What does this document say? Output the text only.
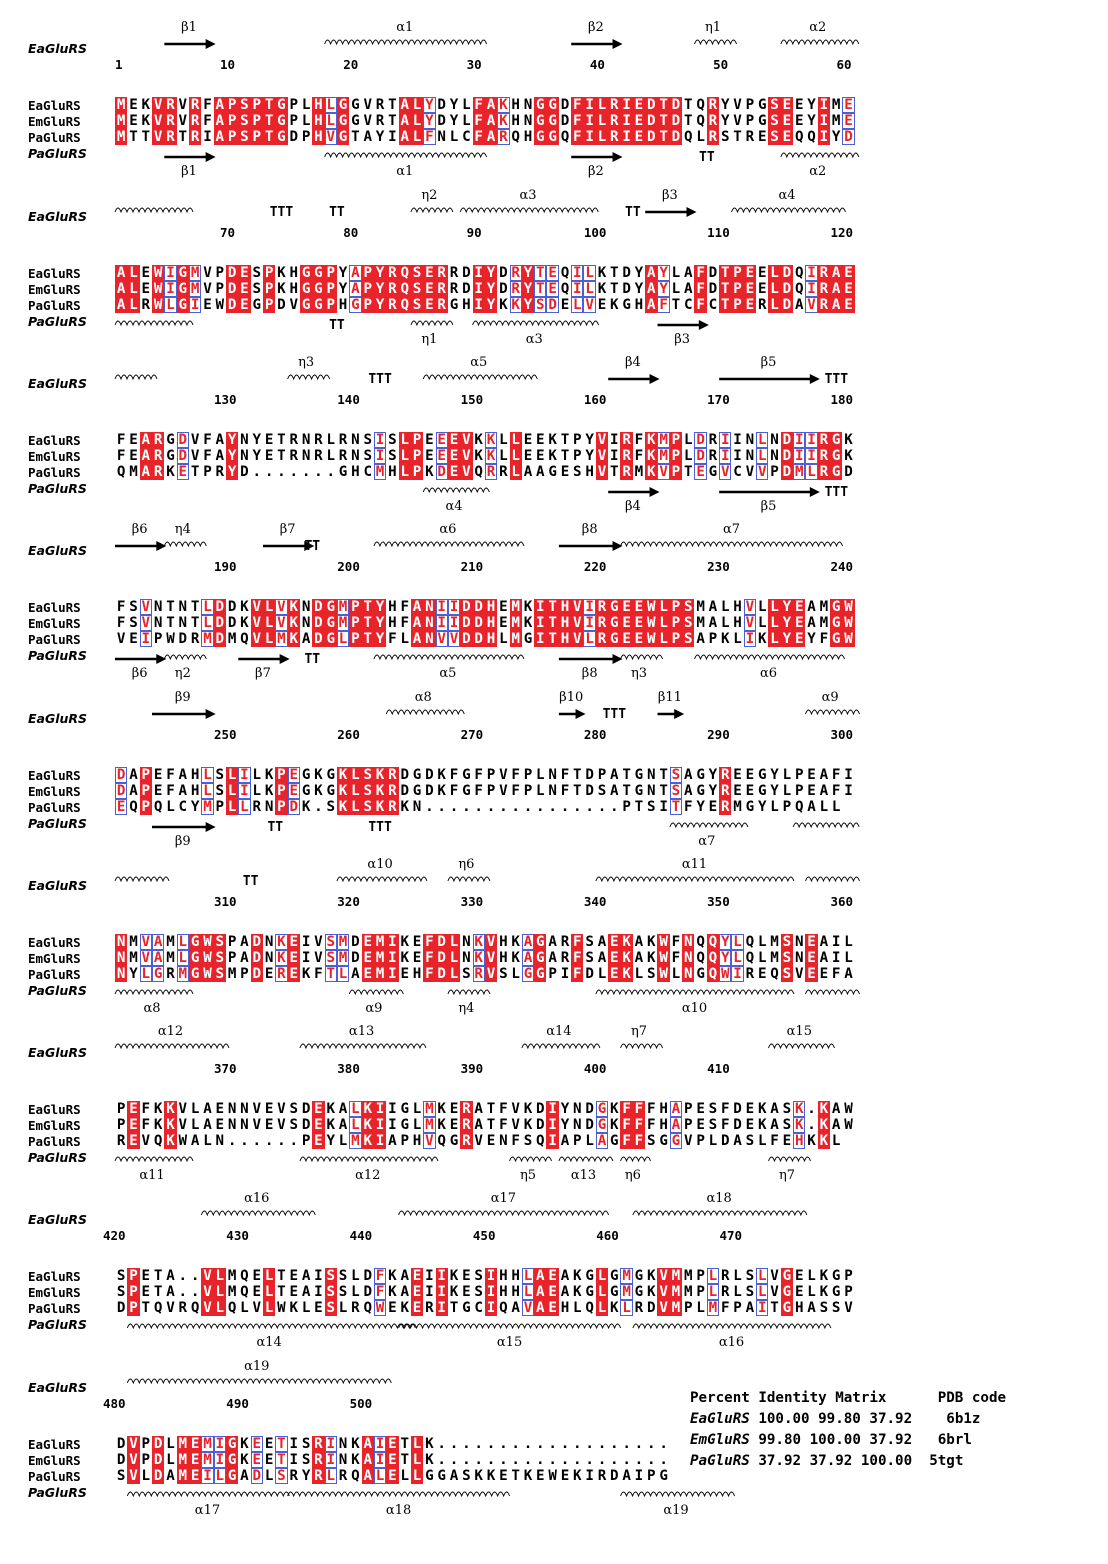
EaGluRS
PaGluRS
1	10	20	30	40	50	60
EaGluRS	M E K V R V R F A P S P T G P L H L G G V R T A L Y D Y L F A K H N G G D F I L R I E D T D T Q R Y V P G S E E Y I M E
EmGluRS	M E K V R V R F A P S P T G P L H L G G V R T A L Y D Y L F A K H N G G D F I L R I E D T D T Q R Y V P G S E E Y I M E
PaGluRS	M T T V R T R I A P S P T G D P H V G T A Y I A L F N L C F A R Q H G G Q F I L R I E D T D Q L R S T R E S E Q Q I Y D
β1	α1	β2	η1	α2
β1	α1	β2
TT
α2
EaGluRS
PaGluRS
70	80	90	100	110	120
EaGluRS	A L E W I G M V P D E S P K H G G P Y A P Y R Q S E R R D I Y D R Y T E Q I L K T D Y A Y L A F D T P E E L D Q I R A E
EmGluRS	A L E W I G M V P D E S P K H G G P Y A P Y R Q S E R R D I Y D R Y T E Q I L K T D Y A Y L A F D T P E E L D Q I R A E
PaGluRS	A L R W L G I E W D E G P D V G G P H G P Y R Q S E R G H I Y K K Y S D E L V E K G H A F T C F C T P E R L D A V R A E
TTT	TT
η2	α3
TT
β3	α4
TT
η1	α3	β3
EaGluRS
PaGluRS
130	140	150	160	170	180
EaGluRS	F E A R G D V F A Y N Y E T R N R L R N S I S L P E E E V K K L L E E K T P Y V I R F K M P L D R I I N L N D I I R G K
EmGluRS	F E A R G D V F A Y N Y E T R N R L R N S I S L P E E E V K K L L E E K T P Y V I R F K M P L D R I I N L N D I I R G K
PaGluRS	Q M A R K E T P R Y D . . . . . . . G H C M H L P K D E V Q R R L A A G E S H V T R M K V P T E G V C V V P D M L R G D
η3
TTT
α5	β4	β5
TTT
α4	β4	β5
TTT
EaGluRS
PaGluRS
190	200	210	220	230	240
EaGluRS	F S V N T N T L D D K V L V K N D G M P T Y H F A N I I D D H E M K I T H V I R G E E W L P S M A L H V L L Y E A M G W
EmGluRS	F S V N T N T L D D K V L V K N D G M P T Y H F A N I I D D H E M K I T H V I R G E E W L P S M A L H V L L Y E A M G W
PaGluRS	V E I P W D R M D M Q V L M K A D G L P T Y F L A N V V D D H L M G I T H V L R G E E W L P S A P K L I K L Y E Y F G W
β6 η4	β7
TT
α6	β8	α7
β6 η2	β7
TT
α5	β8	η3	α6
EaGluRS
PaGluRS
250	260	270	280	290	300
EaGluRS	D A P E F A H L S L I L K P E G K G K L S K R D G D K F G F P V F P L N F T D P A T G N T S A G Y R E E G Y L P E A F I
EmGluRS	D A P E F A H L S L I L K P E G K G K L S K R D G D K F G F P V F P L N F T D S A T G N T S A G Y R E E G Y L P E A F I
PaGluRS	E Q P Q L C Y M P L L R N P D K . S K L S K R K N . . . . . . . . . . . . . . . . P T S I T F Y E R M G Y L P Q A L L
β9	α8	β10
TTT
β11	α9
β9
TT	TTT
α7
EaGluRS
PaGluRS
310	320	330	340	350	360
EaGluRS	N M V A M L G W S P A D N K E I V S M D E M I K E F D L N K V H K A G A R F S A E K A K W F N Q Q Y L Q L M S N E A I L
EmGluRS	N M V A M L G W S P A D N K E I V S M D E M I K E F D L N K V H K A G A R F S A E K A K W F N Q Q Y L Q L M S N E A I L
PaGluRS	N Y L G R M G W S M P D E R E K F T L A E M I E H F D L S R V S L G G P I F D L E K L S W L N G Q W I R E Q S V E E F A
TT
α10	η6	α11
α8	α9	η4	α10
EaGluRS
PaGluRS
370	380	390	400	410
EaGluRS	P E F K K V L A E N N V E V S D E K A L K I I G L M K E R A T F V K D I Y N D G K F F F H A P E S F D E K A S K . K A W
EmGluRS	P E F K K V L A E N N V E V S D E K A L K I I G L M K E R A T F V K D I Y N D G K F F F H A P E S F D E K A S K . K A W
PaGluRS	R E V Q K W A L N . . . . . . P E Y L M K I A P H V Q G R V E N F S Q I A P L A G F F S G G V P L D A S L F E H K K L
α12	α13	α14	η7	α15
α11	α12	η5	α13 η6	η7
EaGluRS
PaGluRS
420	430	440	450	460	470
EaGluRS	S P E T A . . V L M Q E L T E A I S S L D F K A E I I K E S I H H L A E A K G L G M G K V M M P L R L S L V G E L K G P
EmGluRS	S P E T A . . V L M Q E L T E A I S S L D F K A E I I K E S I H H L A E A K G L G M G K V M M P L R L S L V G E L K G P
PaGluRS	D P T Q V R Q V L Q L V L W K L E S L R Q W E K E R I T G C I Q A V A E H L Q L K L R D V M P L M F P A I T G H A S S V
α16	α17	α18
α14	α15	α16
EaGluRS
PaGluRS
480	490	500
EaGluRS	D V P D L M E M I G K E E T I S R I N K A I E T L K . . . . . . . . . . . . . . . . . . .
EmGluRS	D V P D L M E M I G K E E T I S R I N K A I E T L K . . . . . . . . . . . . . . . . . . .
PaGluRS	S V L D A M E I L G A D L S R Y R L R Q A L E L L G G A S K K E T K E W E K I R D A I P G
α19
α17	α18	α19
Percent Identity Matrix	PDB code
EaGluRS 100.00 99.80 37.92 6b1z
EmGluRS 99.80 100.00 37.92 6brl
PaGluRS 37.92 37.92 100.00 5tgt
